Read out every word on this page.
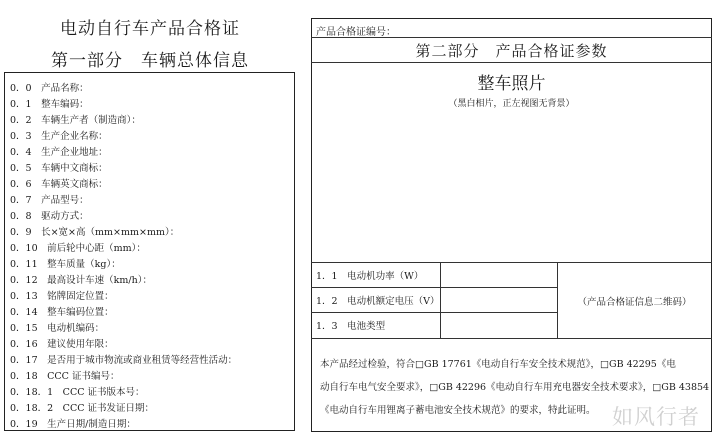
电动自行车产品合格证
第一部分　车辆总体信息
0．0　产品名称：
0．1　整车编码：
0．2　车辆生产者（制造商）：
0．3　生产企业名称：
0．4　生产企业地址：
0．5　车辆中文商标：
0．6　车辆英文商标：
0．7　产品型号：
0．8　驱动方式：
0．9　长×宽×高（mm×mm×mm）：
0．10　前后轮中心距（mm）：
0．11　整车质量（kg）：
0．12　最高设计车速（km/h）：
0．13　铭牌固定位置：
0．14　整车编码位置：
0．15　电动机编码：
0．16　建议使用年限：
0．17　是否用于城市物流或商业租赁等经营性活动：
0．18　CCC 证书编号：
0．18．1　CCC 证书版本号：
0．18．2　CCC 证书发证日期：
0．19　生产日期/制造日期：
产品合格证编号：
第二部分　产品合格证参数
整车照片
（黑白相片，正左视图无背景）
1．1　电动机功率（W）
1．2　电动机额定电压（V）
1．3　电池类型
（产品合格证信息二维码）
本产品经过检验，符合□GB 17761《电动自行车安全技术规范》，□GB 42295《电
动自行车电气安全要求》，□GB 42296《电动自行车用充电器安全技术要求》，□GB 43854
《电动自行车用锂离子蓄电池安全技术规范》的要求，特此证明。 如风行者
